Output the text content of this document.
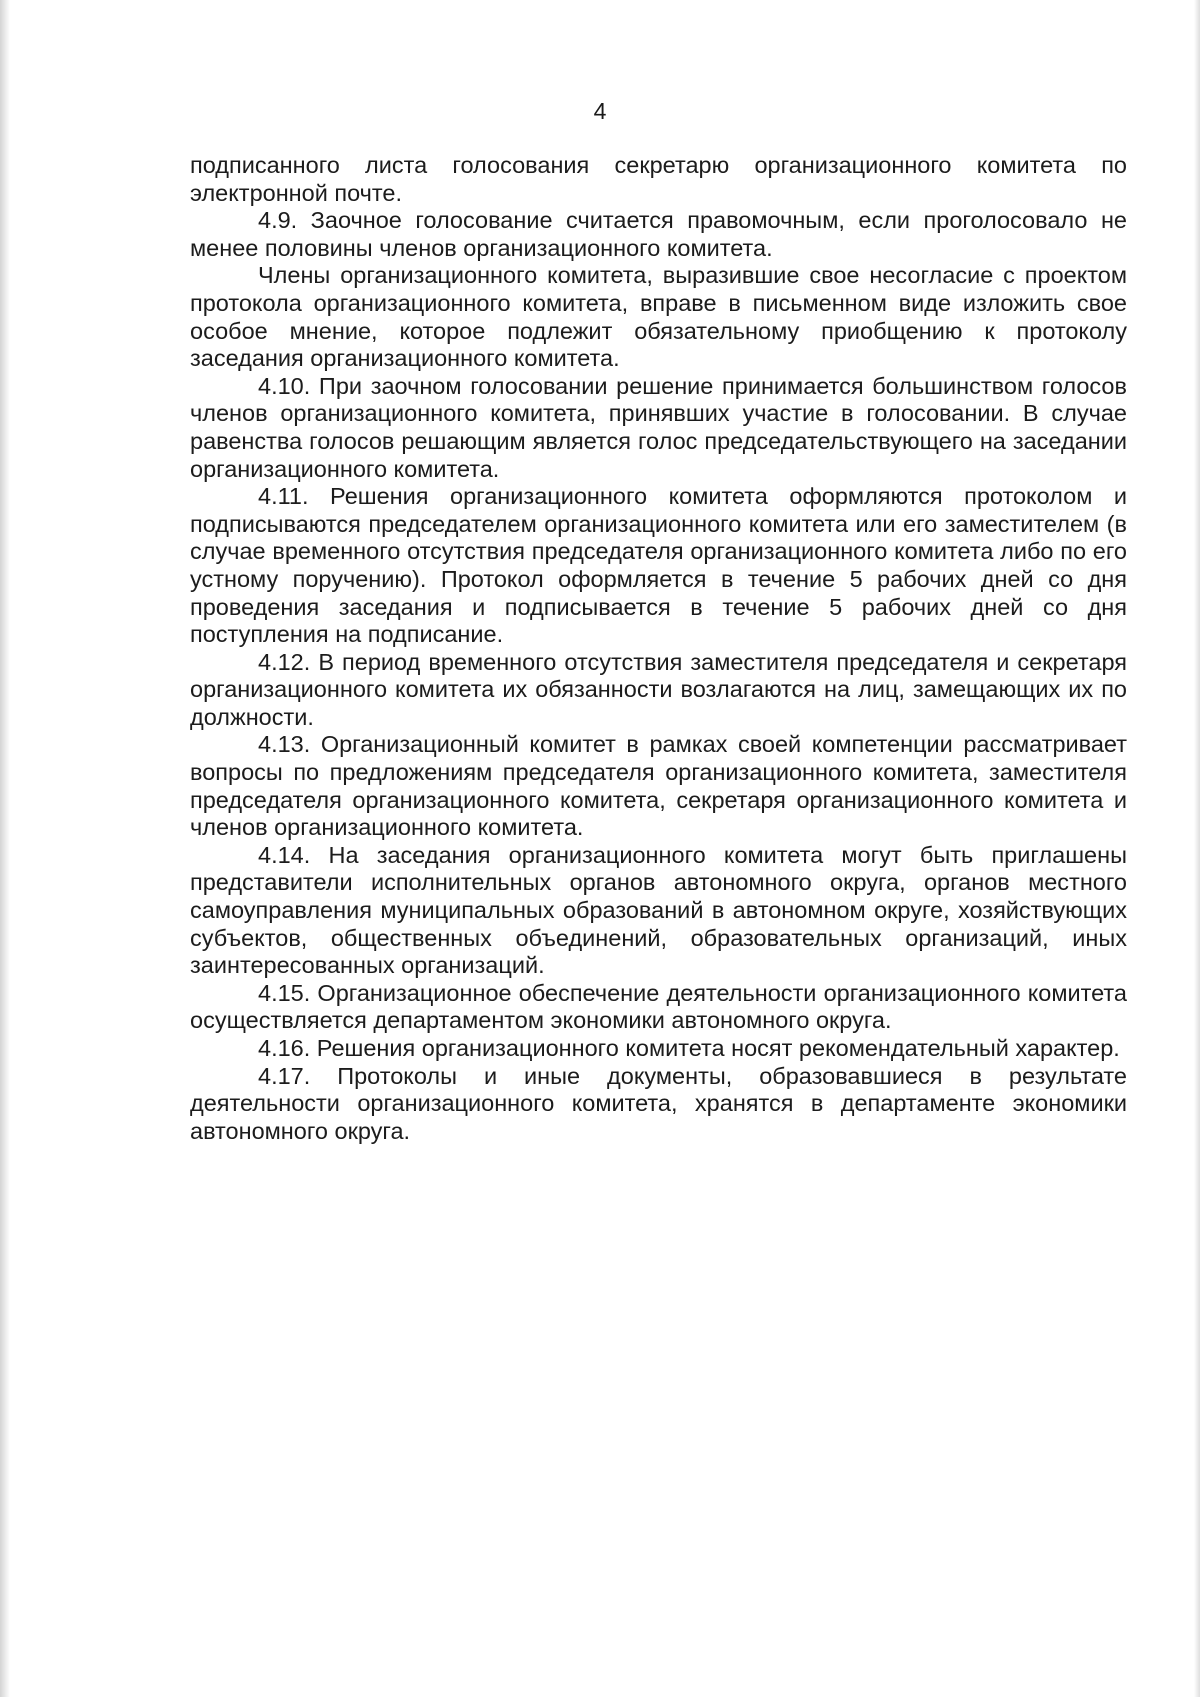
4

подписанного листа голосования секретарю организационного комитета по электронной почте.

4.9. Заочное голосование считается правомочным, если проголосовало не менее половины членов организационного комитета.

Члены организационного комитета, выразившие свое несогласие с проектом протокола организационного комитета, вправе в письменном виде изложить свое особое мнение, которое подлежит обязательному приобщению к протоколу заседания организационного комитета.

4.10. При заочном голосовании решение принимается большинством голосов членов организационного комитета, принявших участие в голосовании. В случае равенства голосов решающим является голос председательствующего на заседании организационного комитета.

4.11. Решения организационного комитета оформляются протоколом и подписываются председателем организационного комитета или его заместителем (в случае временного отсутствия председателя организационного комитета либо по его устному поручению). Протокол оформляется в течение 5 рабочих дней со дня проведения заседания и подписывается в течение 5 рабочих дней со дня поступления на подписание.

4.12. В период временного отсутствия заместителя председателя и секретаря организационного комитета их обязанности возлагаются на лиц, замещающих их по должности.

4.13. Организационный комитет в рамках своей компетенции рассматривает вопросы по предложениям председателя организационного комитета, заместителя председателя организационного комитета, секретаря организационного комитета и членов организационного комитета.

4.14. На заседания организационного комитета могут быть приглашены представители исполнительных органов автономного округа, органов местного самоуправления муниципальных образований в автономном округе, хозяйствующих субъектов, общественных объединений, образовательных организаций, иных заинтересованных организаций.

4.15. Организационное обеспечение деятельности организационного комитета осуществляется департаментом экономики автономного округа.

4.16. Решения организационного комитета носят рекомендательный характер.

4.17. Протоколы и иные документы, образовавшиеся в результате деятельности организационного комитета, хранятся в департаменте экономики автономного округа.
